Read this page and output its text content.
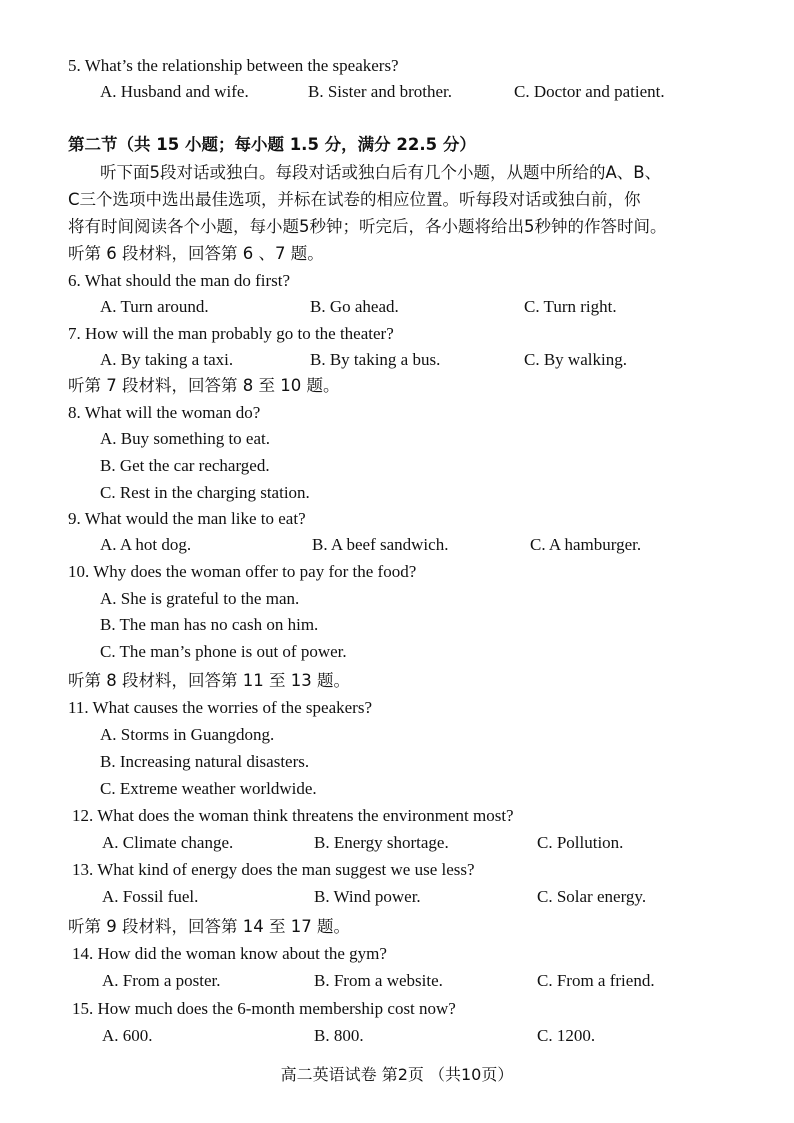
5. What’s the relationship between the speakers?
A. Husband and wife.	B. Sister and brother.	C. Doctor and patient.
第二节（共 15 小题；每小题 1.5 分，满分 22.5 分）
听下面5段对话或独白。每段对话或独白后有几个小题，从题中所给的A、B、
C三个选项中选出最佳选项，并标在试卷的相应位置。听每段对话或独白前，你
将有时间阅读各个小题，每小题5秒钟；听完后，各小题将给出5秒钟的作答时间。
听第 6 段材料，回答第 6 、7 题。
6. What should the man do first?
A. Turn around.	B. Go ahead.	C. Turn right.
7. How will the man probably go to the theater?
A. By taking a taxi.	B. By taking a bus.	C. By walking.
听第 7 段材料，回答第 8 至 10 题。
8. What will the woman do?
A. Buy something to eat.
B. Get the car recharged.
C. Rest in the charging station.
9. What would the man like to eat?
A. A hot dog.	B. A beef sandwich.	C. A hamburger.
10. Why does the woman offer to pay for the food?
A. She is grateful to the man.
B. The man has no cash on him.
C. The man’s phone is out of power.
听第 8 段材料，回答第 11 至 13 题。
11. What causes the worries of the speakers?
A. Storms in Guangdong.
B. Increasing natural disasters.
C. Extreme weather worldwide.
12. What does the woman think threatens the environment most?
A. Climate change.	B. Energy shortage.	C. Pollution.
13. What kind of energy does the man suggest we use less?
A. Fossil fuel.	B. Wind power.	C. Solar energy.
听第 9 段材料，回答第 14 至 17 题。
14. How did the woman know about the gym?
A. From a poster.	B. From a website.	C. From a friend.
15. How much does the 6-month membership cost now?
A. 600.	B. 800.	C. 1200.
高二英语试卷 第2页 （共10页）
